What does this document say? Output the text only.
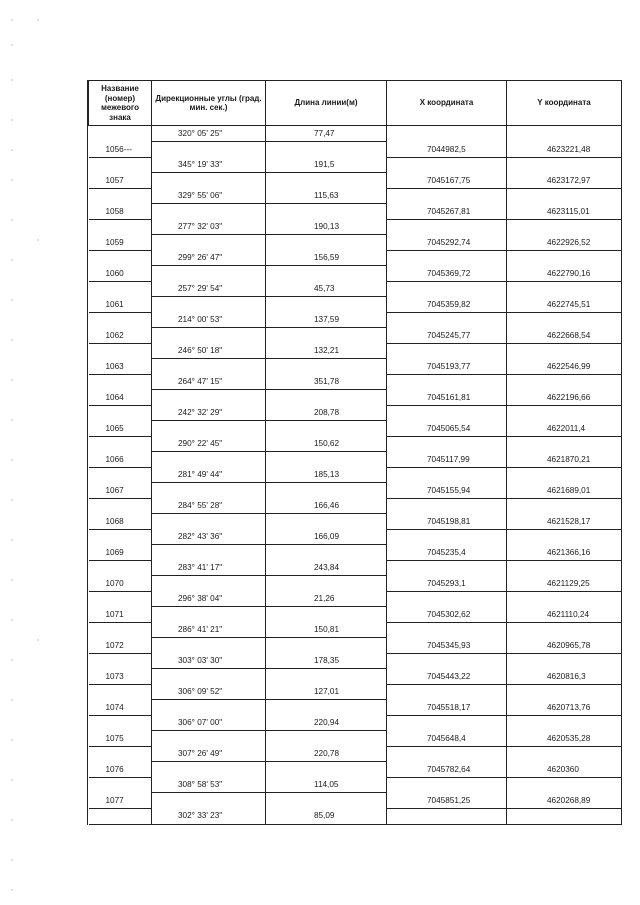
Название (номер) межевого знака	Дирекционные углы (град. мин. сек.)	Длина линии(м)	X координата	Y координата
	320° 05' 25"	77,47		
1056---			7044982,5	4623221,48
	345° 19' 33"	191,5		
1057			7045167,75	4623172,97
	329° 55' 06"	115,63		
1058			7045267,81	4623115,01
	277° 32' 03"	190,13		
1059			7045292,74	4622926,52
	299° 26' 47"	156,59		
1060			7045369,72	4622790,16
	257° 29' 54"	45,73		
1061			7045359,82	4622745,51
	214° 00' 53"	137,59		
1062			7045245,77	4622668,54
	246° 50' 18"	132,21		
1063			7045193,77	4622546,99
	264° 47' 15"	351,78		
1064			7045161,81	4622196,66
	242° 32' 29"	208,78		
1065			7045065,54	4622011,4
	290° 22' 45"	150,62		
1066			7045117,99	4621870,21
	281° 49' 44"	185,13		
1067			7045155,94	4621689,01
	284° 55' 28"	166,46		
1068			7045198,81	4621528,17
	282° 43' 36"	166,09		
1069			7045235,4	4621366,16
	283° 41' 17"	243,84		
1070			7045293,1	4621129,25
	296° 38' 04"	21,26		
1071			7045302,62	4621110,24
	286° 41' 21"	150,81		
1072			7045345,93	4620965,78
	303° 03' 30"	178,35		
1073			7045443,22	4620816,3
	306° 09' 52"	127,01		
1074			7045518,17	4620713,76
	306° 07' 00"	220,94		
1075			7045648,4	4620535,28
	307° 26' 49"	220,78		
1076			7045782,64	4620360
	308° 58' 53"	114,05		
1077			7045851,25	4620268,89
	302° 33' 23"	85,09		
